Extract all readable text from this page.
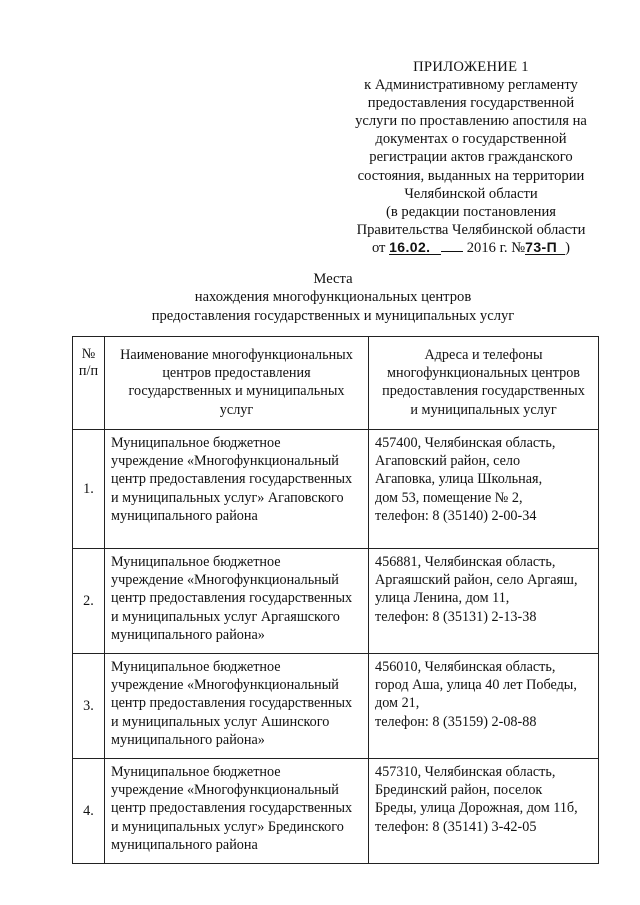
ПРИЛОЖЕНИЕ 1
к Административному регламенту
предоставления государственной
услуги по проставлению апостиля на
документах о государственной
регистрации актов гражданского
состояния, выданных на территории
Челябинской области
(в редакции постановления
Правительства Челябинской области
от 16.02. 2016 г. №73-П )
Места
нахождения многофункциональных центров
предоставления государственных и муниципальных услуг
№
п/п	Наименование многофункциональных
центров предоставления
государственных и муниципальных
услуг	Адреса и телефоны
многофункциональных центров
предоставления государственных
и муниципальных услуг

1.	Муниципальное бюджетное
учреждение «Многофункциональный
центр предоставления государственных
и муниципальных услуг» Агаповского
муниципального района	457400, Челябинская область,
Агаповский район, село
Агаповка, улица Школьная,
дом 53, помещение № 2,
телефон: 8 (35140) 2-00-34

2.	Муниципальное бюджетное
учреждение «Многофункциональный
центр предоставления государственных
и муниципальных услуг Аргаяшского
муниципального района»	456881, Челябинская область,
Аргаяшский район, село Аргаяш,
улица Ленина, дом 11,
телефон: 8 (35131) 2-13-38

3.	Муниципальное бюджетное
учреждение «Многофункциональный
центр предоставления государственных
и муниципальных услуг Ашинского
муниципального района»	456010, Челябинская область,
город Аша, улица 40 лет Победы,
дом 21,
телефон: 8 (35159) 2-08-88

4.	Муниципальное бюджетное
учреждение «Многофункциональный
центр предоставления государственных
и муниципальных услуг» Брединского
муниципального района	457310, Челябинская область,
Брединский район, поселок
Бреды, улица Дорожная, дом 11б,
телефон: 8 (35141) 3-42-05
